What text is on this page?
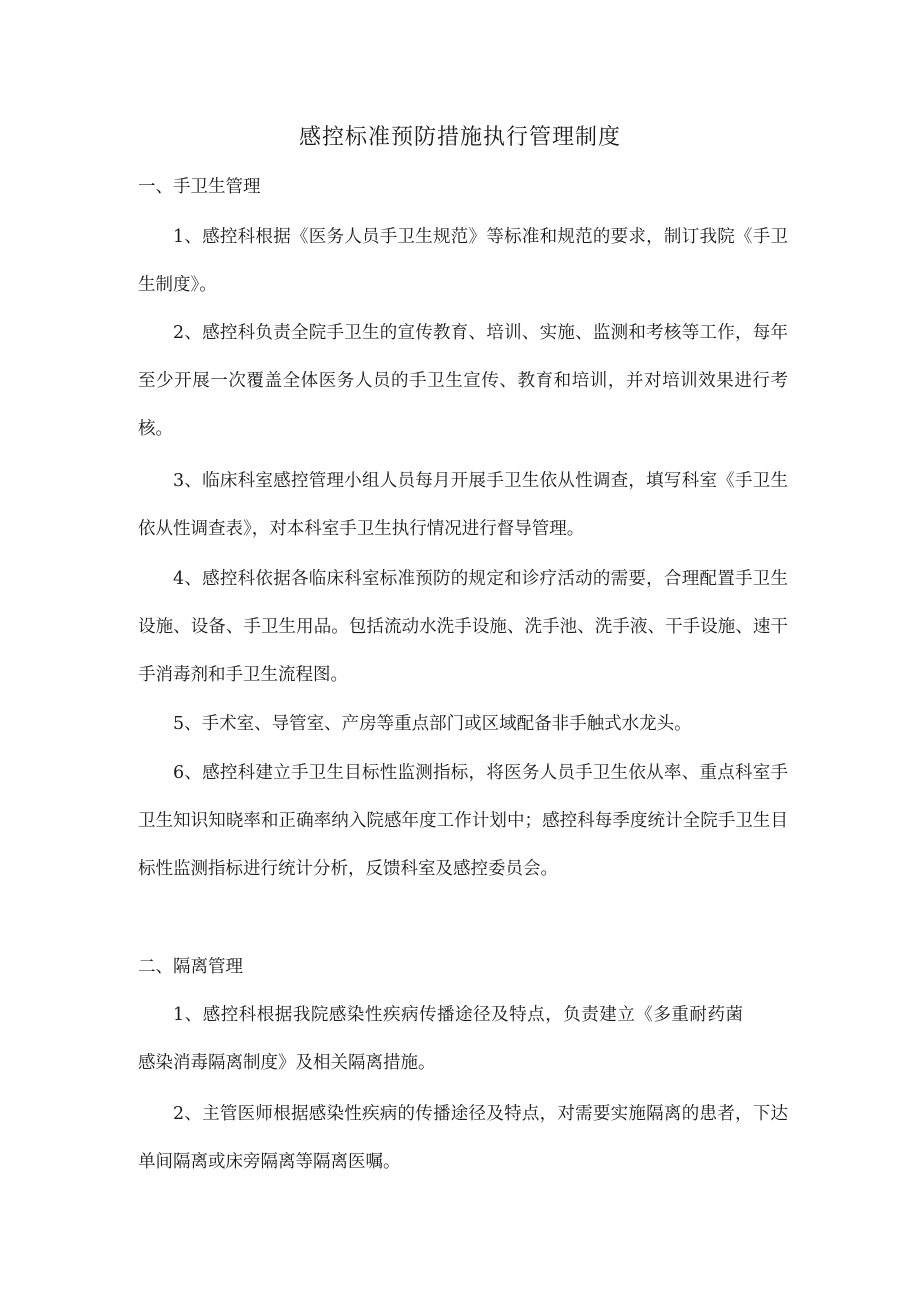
感控标准预防措施执行管理制度
一、手卫生管理

1、感控科根据《医务人员手卫生规范》等标准和规范的要求，制订我院《手卫生制度》。

2、感控科负责全院手卫生的宣传教育、培训、实施、监测和考核等工作，每年至少开展一次覆盖全体医务人员的手卫生宣传、教育和培训，并对培训效果进行考核。

3、临床科室感控管理小组人员每月开展手卫生依从性调查，填写科室《手卫生依从性调查表》，对本科室手卫生执行情况进行督导管理。

4、感控科依据各临床科室标准预防的规定和诊疗活动的需要，合理配置手卫生设施、设备、手卫生用品。包括流动水洗手设施、洗手池、洗手液、干手设施、速干手消毒剂和手卫生流程图。

5、手术室、导管室、产房等重点部门或区域配备非手触式水龙头。

6、感控科建立手卫生目标性监测指标，将医务人员手卫生依从率、重点科室手卫生知识知晓率和正确率纳入院感年度工作计划中；感控科每季度统计全院手卫生目标性监测指标进行统计分析，反馈科室及感控委员会。

二、隔离管理

1、感控科根据我院感染性疾病传播途径及特点，负责建立《多重耐药菌感染消毒隔离制度》及相关隔离措施。

2、主管医师根据感染性疾病的传播途径及特点，对需要实施隔离的患者，下达单间隔离或床旁隔离等隔离医嘱。
